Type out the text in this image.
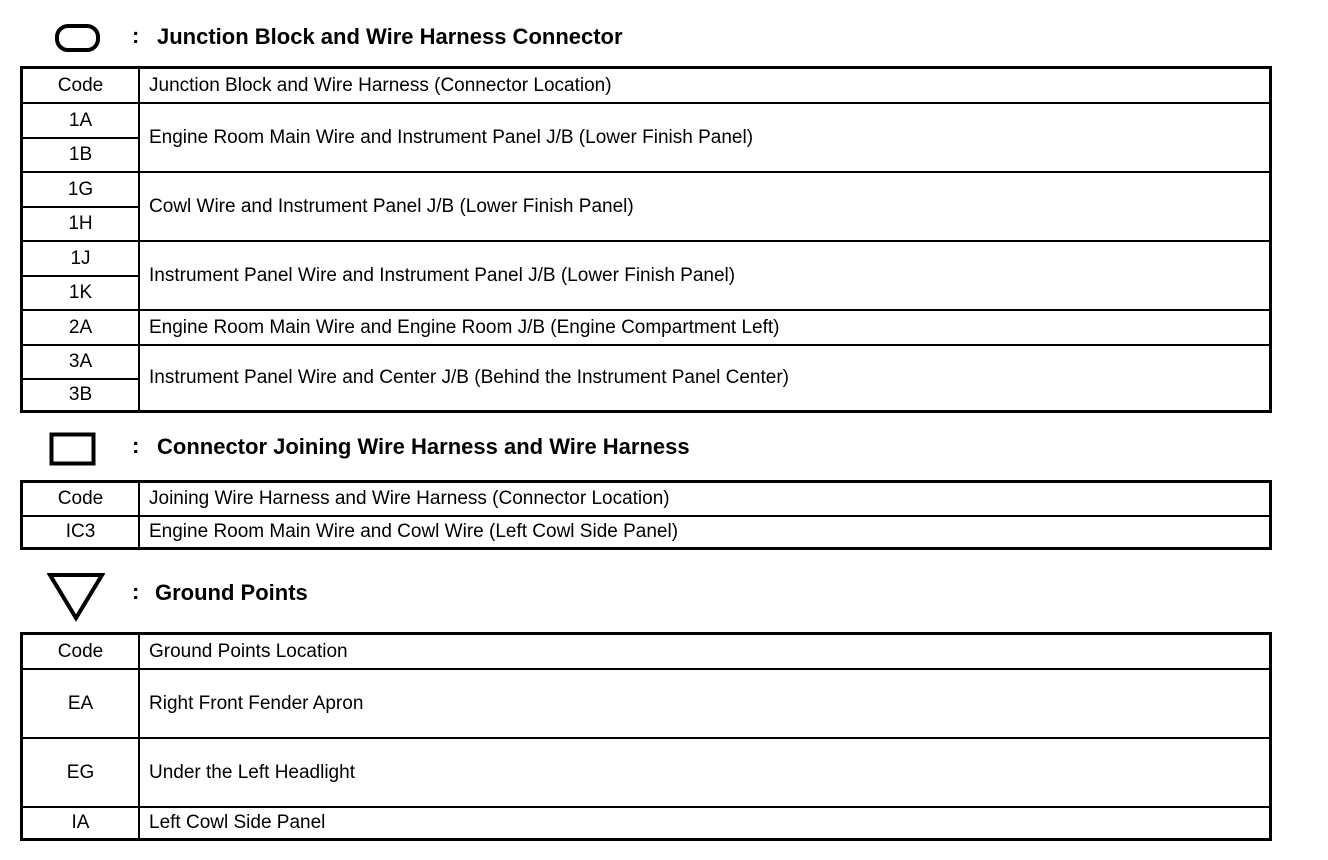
: Junction Block and Wire Harness Connector
Code	Junction Block and Wire Harness (Connector Location)
1A	Engine Room Main Wire and Instrument Panel J/B (Lower Finish Panel)
1B	
1G	Cowl Wire and Instrument Panel J/B (Lower Finish Panel)
1H	
1J	Instrument Panel Wire and Instrument Panel J/B (Lower Finish Panel)
1K	
2A	Engine Room Main Wire and Engine Room J/B (Engine Compartment Left)
3A	Instrument Panel Wire and Center J/B (Behind the Instrument Panel Center)
3B	
: Connector Joining Wire Harness and Wire Harness
Code	Joining Wire Harness and Wire Harness (Connector Location)
IC3	Engine Room Main Wire and Cowl Wire (Left Cowl Side Panel)
: Ground Points
Code	Ground Points Location
EA	Right Front Fender Apron
EG	Under the Left Headlight
IA	Left Cowl Side Panel
